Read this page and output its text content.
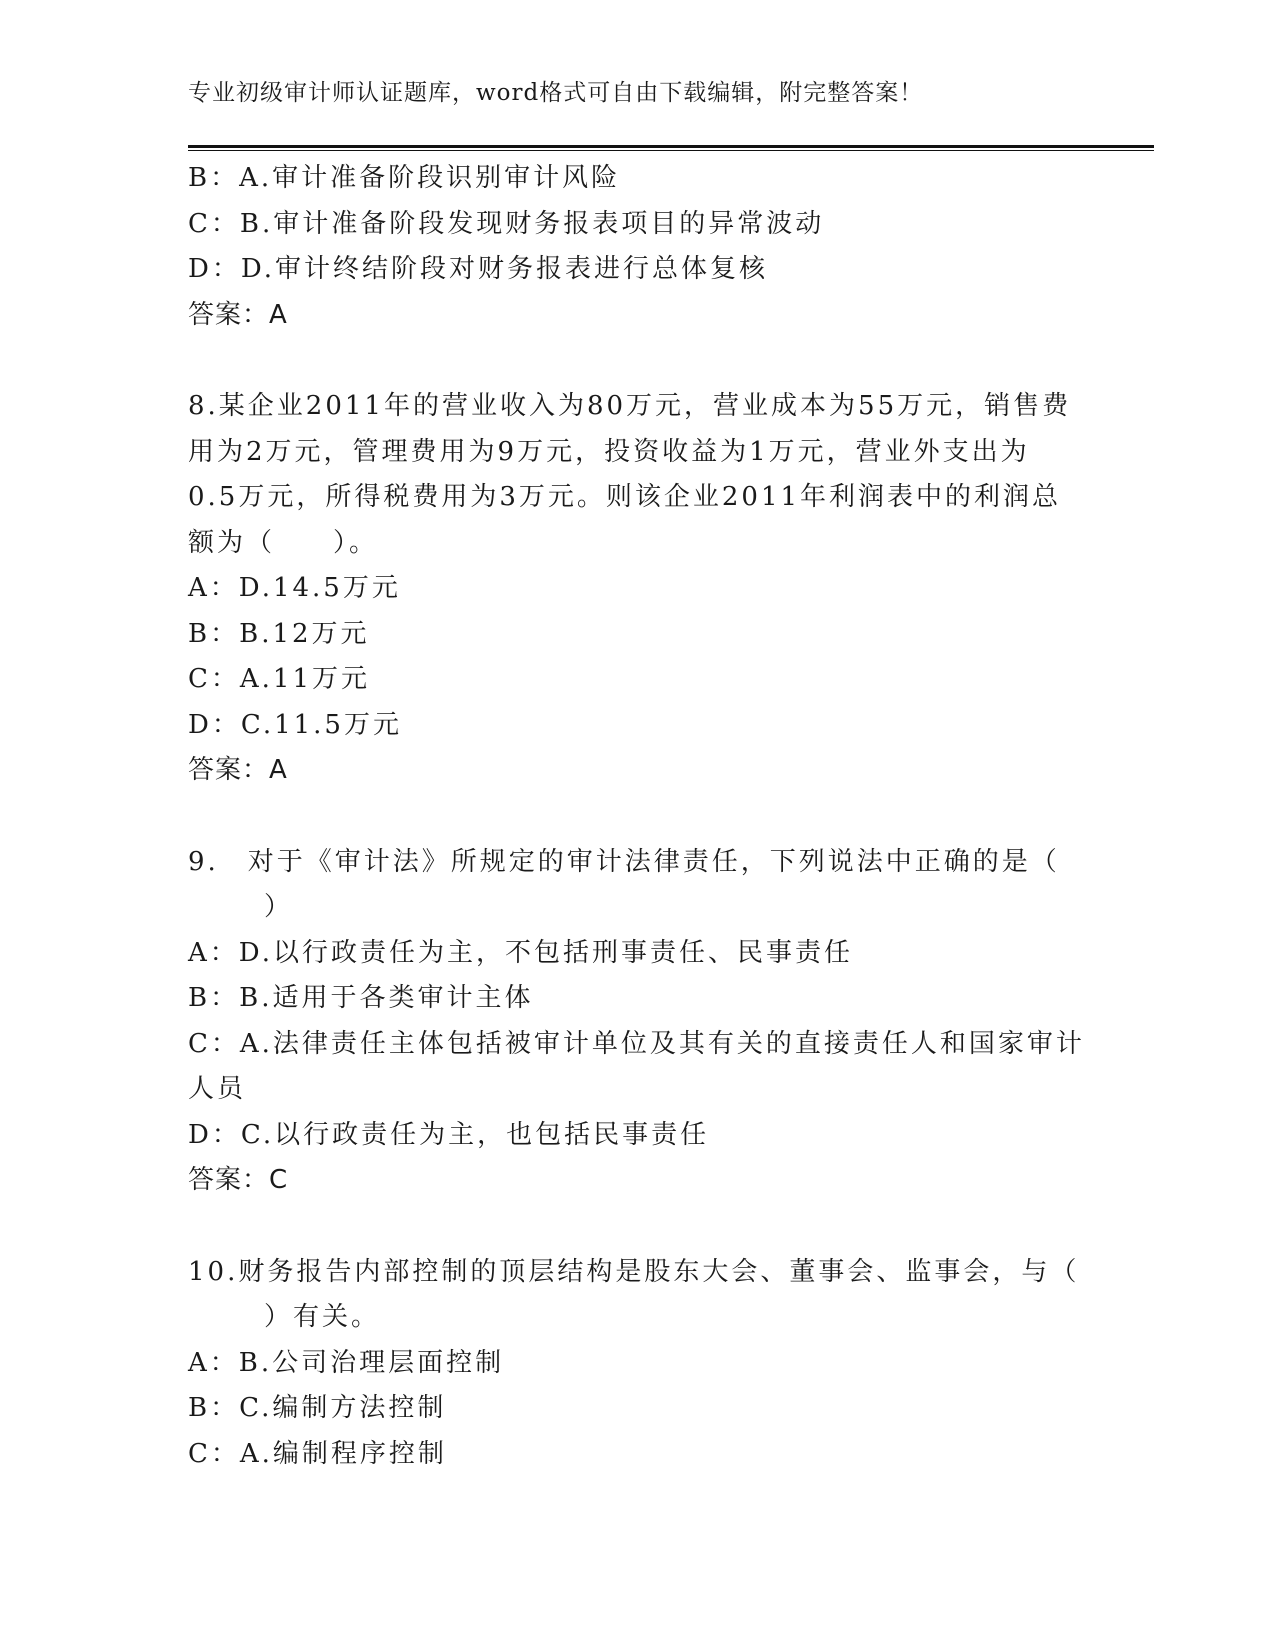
专业初级审计师认证题库，word格式可自由下载编辑，附完整答案！
B：A.审计准备阶段识别审计风险
C：B.审计准备阶段发现财务报表项目的异常波动
D：D.审计终结阶段对财务报表进行总体复核
答案：A
8.某企业2011年的营业收入为80万元，营业成本为55万元，销售费
用为2万元，管理费用为9万元，投资收益为1万元，营业外支出为
0.5万元，所得税费用为3万元。则该企业2011年利润表中的利润总
额为（　　）。
A：D.14.5万元
B：B.12万元
C：A.11万元
D：C.11.5万元
答案：A
9.　对于《审计法》所规定的审计法律责任，下列说法中正确的是（
）
A：D.以行政责任为主，不包括刑事责任、民事责任
B：B.适用于各类审计主体
C：A.法律责任主体包括被审计单位及其有关的直接责任人和国家审计
人员
D：C.以行政责任为主，也包括民事责任
答案：C
10.财务报告内部控制的顶层结构是股东大会、董事会、监事会，与（
）有关。
A：B.公司治理层面控制
B：C.编制方法控制
C：A.编制程序控制
